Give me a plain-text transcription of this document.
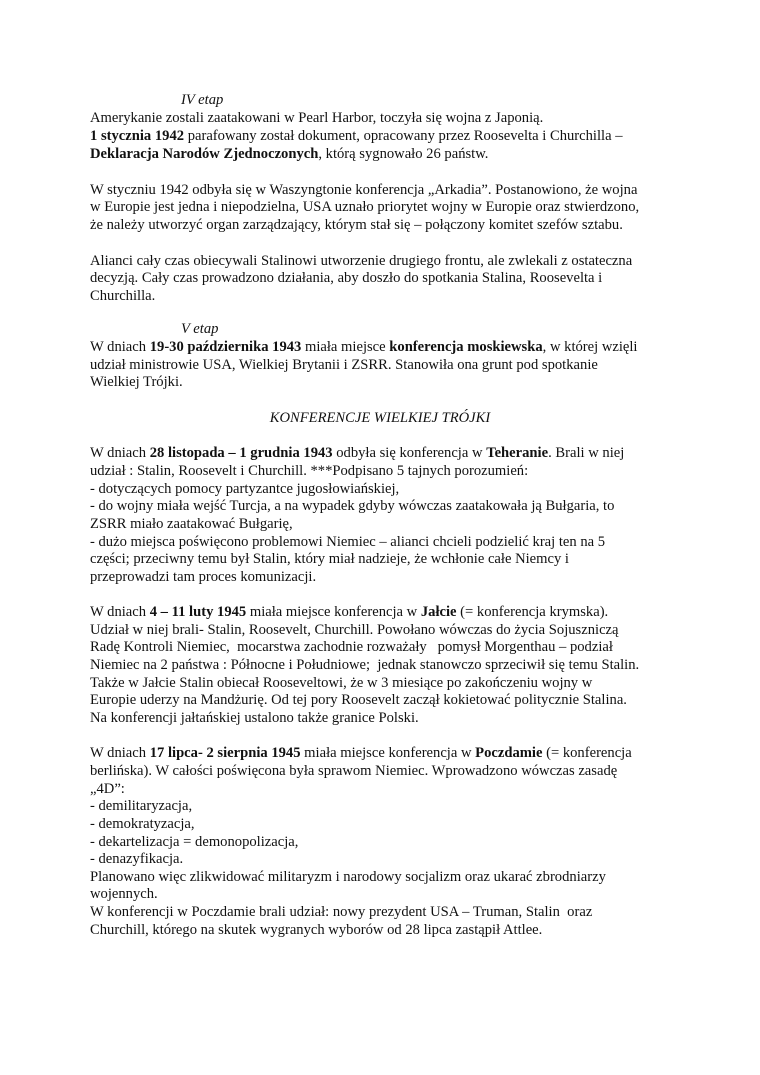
IV etap
Amerykanie zostali zaatakowani w Pearl Harbor, toczyła się wojna z Japonią.
1 stycznia 1942 parafowany został dokument, opracowany przez Roosevelta i Churchilla –
Deklaracja Narodów Zjednoczonych, którą sygnowało 26 państw.
W styczniu 1942 odbyła się w Waszyngtonie konferencja „Arkadia”. Postanowiono, że wojna
w Europie jest jedna i niepodzielna, USA uznało priorytet wojny w Europie oraz stwierdzono,
że należy utworzyć organ zarządzający, którym stał się – połączony komitet szefów sztabu.
Alianci cały czas obiecywali Stalinowi utworzenie drugiego frontu, ale zwlekali z ostateczna
decyzją. Cały czas prowadzono działania, aby doszło do spotkania Stalina, Roosevelta i
Churchilla.
V etap
W dniach 19-30 października 1943 miała miejsce konferencja moskiewska, w której wzięli
udział ministrowie USA, Wielkiej Brytanii i ZSRR. Stanowiła ona grunt pod spotkanie
Wielkiej Trójki.
KONFERENCJE WIELKIEJ TRÓJKI
W dniach 28 listopada – 1 grudnia 1943 odbyła się konferencja w Teheranie. Brali w niej
udział : Stalin, Roosevelt i Churchill. ***Podpisano 5 tajnych porozumień:
- dotyczących pomocy partyzantce jugosłowiańskiej,
- do wojny miała wejść Turcja, a na wypadek gdyby wówczas zaatakowała ją Bułgaria, to
ZSRR miało zaatakować Bułgarię,
- dużo miejsca poświęcono problemowi Niemiec – alianci chcieli podzielić kraj ten na 5
części; przeciwny temu był Stalin, który miał nadzieje, że wchłonie całe Niemcy i
przeprowadzi tam proces komunizacji.
W dniach 4 – 11 luty 1945 miała miejsce konferencja w Jałcie (= konferencja krymska).
Udział w niej brali- Stalin, Roosevelt, Churchill. Powołano wówczas do życia Sojuszniczą
Radę Kontroli Niemiec,  mocarstwa zachodnie rozważały   pomysł Morgenthau – podział
Niemiec na 2 państwa : Północne i Południowe;  jednak stanowczo sprzeciwił się temu Stalin.
Także w Jałcie Stalin obiecał Rooseveltowi, że w 3 miesiące po zakończeniu wojny w
Europie uderzy na Mandżurię. Od tej pory Roosevelt zaczął kokietować politycznie Stalina.
Na konferencji jałtańskiej ustalono także granice Polski.
W dniach 17 lipca- 2 sierpnia 1945 miała miejsce konferencja w Poczdamie (= konferencja
berlińska). W całości poświęcona była sprawom Niemiec. Wprowadzono wówczas zasadę
„4D”:
- demilitaryzacja,
- demokratyzacja,
- dekartelizacja = demonopolizacja,
- denazyfikacja.
Planowano więc zlikwidować militaryzm i narodowy socjalizm oraz ukarać zbrodniarzy
wojennych.
W konferencji w Poczdamie brali udział: nowy prezydent USA – Truman, Stalin  oraz
Churchill, którego na skutek wygranych wyborów od 28 lipca zastąpił Attlee.
